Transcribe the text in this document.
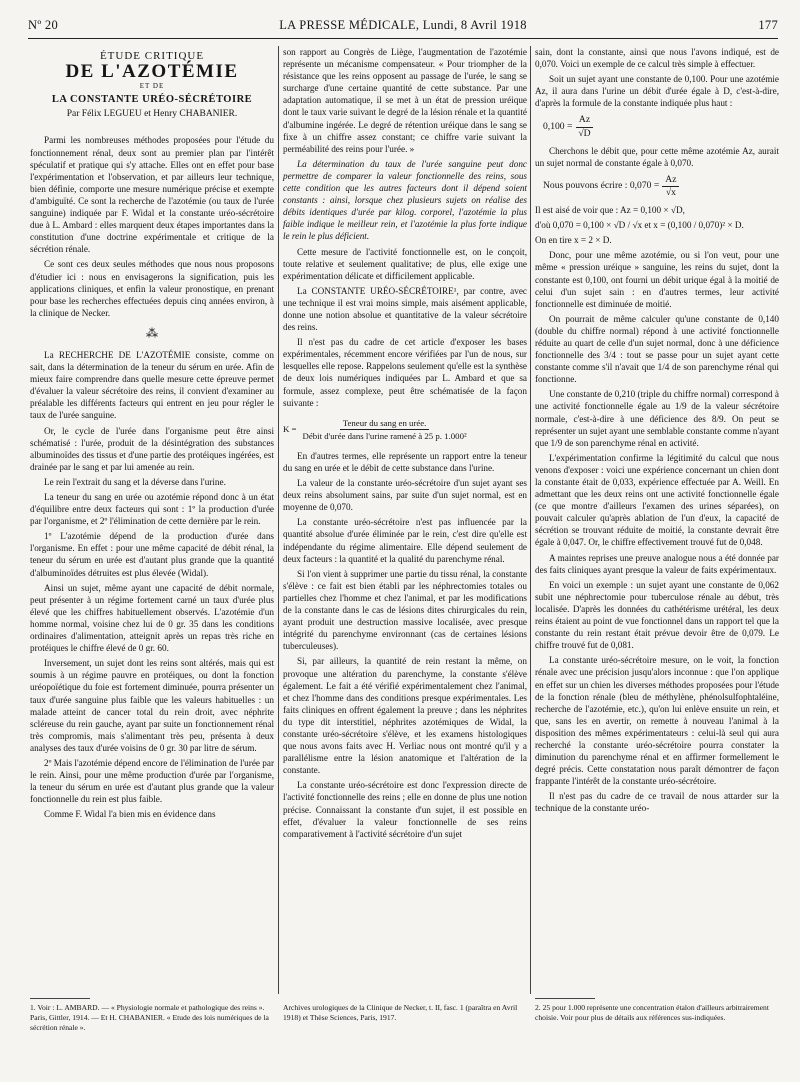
Nº 20	LA PRESSE MÉDICALE, Lundi, 8 Avril 1918	177
ÉTUDE CRITIQUE
DE L'AZOTÉMIE
ET DE
LA CONSTANTE URÉO-SÉCRÉTOIRE
Par Félix LEGUEU et Henry CHABANIER.

Parmi les nombreuses méthodes proposées pour l'étude du fonctionnement rénal, deux sont au premier plan par l'intérêt spéculatif et pratique qui s'y attache. Elles ont en effet pour base l'expérimentation et l'observation, et par ailleurs leur technique, bien définie, comporte une mesure numérique précise et exempte d'ambiguïté. Ce sont la recherche de l'azotémie (ou taux de l'urée sanguine) indiquée par F. Widal et la constante uréo-sécrétoire due à L. Ambard : elles marquent deux étapes importantes dans la constitution d'une doctrine expérimentale et critique de la sécrétion rénale.

Ce sont ces deux seules méthodes que nous nous proposons d'étudier ici : nous en envisagerons la signification, puis les applications cliniques, et enfin la valeur pronostique, en prenant pour base les recherches effectuées depuis cinq années environ, à la clinique de Necker.

⁂

La RECHERCHE DE L'AZOTÉMIE consiste, comme on sait, dans la détermination de la teneur du sérum en urée. Afin de mieux faire comprendre dans quelle mesure cette épreuve permet d'évaluer la valeur sécrétoire des reins, il convient d'examiner au préalable les différents facteurs qui entrent en jeu pour régler le taux de l'urée sanguine.

Or, le cycle de l'urée dans l'organisme peut être ainsi schématisé : l'urée, produit de la désintégration des substances albuminoïdes des tissus et d'une partie des protéiques ingérées, est drainée par le sang et par lui amenée au rein.

Le rein l'extrait du sang et la déverse dans l'urine.

La teneur du sang en urée ou azotémie répond donc à un état d'équilibre entre deux facteurs qui sont : 1º la production d'urée par l'organisme, et 2º l'élimination de cette dernière par le rein.

1º L'azotémie dépend de la production d'urée dans l'organisme. En effet : pour une même capacité de débit rénal, la teneur du sérum en urée est d'autant plus grande que la quantité d'albuminoïdes détruites est plus élevée (Widal).

Ainsi un sujet, même ayant une capacité de débit normale, peut présenter à un régime fortement carné un taux d'urée plus élevé que les chiffres habituellement observés. L'azotémie d'un homme normal, voisine chez lui de 0 gr. 35 dans les conditions ordinaires d'alimentation, atteignit après un repas très riche en protéiques le chiffre élevé de 0 gr. 60.

Inversement, un sujet dont les reins sont altérés, mais qui est soumis à un régime pauvre en protéiques, ou dont la fonction uréopoïétique du foie est fortement diminuée, pourra présenter un taux d'urée sanguine plus faible que les valeurs habituelles : un malade atteint de cancer total du rein droit, avec néphrite scléreuse du rein gauche, ayant par suite un fonctionnement rénal très compromis, mais s'alimentant très peu, présenta à deux analyses des taux d'urée voisins de 0 gr. 30 par litre de sérum.

2º Mais l'azotémie dépend encore de l'élimination de l'urée par le rein. Ainsi, pour une même production d'urée par l'organisme, la teneur du sérum en urée est d'autant plus grande que la valeur fonctionnelle du rein est plus faible.

Comme F. Widal l'a bien mis en évidence dans

son rapport au Congrès de Liège, l'augmentation de l'azotémie représente un mécanisme compensateur. « Pour triompher de la résistance que les reins opposent au passage de l'urée, le sang se surcharge d'une certaine quantité de cette substance. Par une adaptation automatique, il se met à un état de pression uréique dont le taux varie suivant le degré de la lésion rénale et la quantité d'albumine ingérée. Le degré de rétention uréique dans le sang se fixe à un chiffre assez constant; ce chiffre varie suivant la perméabilité des reins pour l'urée. »

La détermination du taux de l'urée sanguine peut donc permettre de comparer la valeur fonctionnelle des reins, sous cette condition que les autres facteurs dont il dépend soient constants : ainsi, lorsque chez plusieurs sujets on réalise des débits identiques d'urée par kilog. corporel, l'azotémie la plus faible indique le meilleur rein, et l'azotémie la plus forte indique le rein le plus déficient.

Cette mesure de l'activité fonctionnelle est, on le conçoit, toute relative et seulement qualitative; de plus, elle exige une expérimentation délicate et difficilement applicable.

La CONSTANTE URÉO-SÉCRÉTOIRE¹, par contre, avec une technique il est vrai moins simple, mais aisément applicable, donne une notion absolue et quantitative de la valeur sécrétoire des reins.

Il n'est pas du cadre de cet article d'exposer les bases expérimentales, récemment encore vérifiées par l'un de nous, sur lesquelles elle repose. Rappelons seulement qu'elle est la synthèse de deux lois numériques indiquées par L. Ambard et que sa formule, assez complexe, peut être schématisée de la façon suivante :

$K = \frac{\text{Teneur du sang en urée.}}{\text{Débit d'urée dans l'urine ramené à 25 p. 1.000²}}$

En d'autres termes, elle représente un rapport entre la teneur du sang en urée et le débit de cette substance dans l'urine.

La valeur de la constante uréo-sécrétoire d'un sujet ayant ses deux reins absolument sains, par suite d'un sujet normal, est en moyenne de 0,070.

La constante uréo-sécrétoire n'est pas influencée par la quantité absolue d'urée éliminée par le rein, c'est dire qu'elle est indépendante du régime alimentaire. Elle dépend seulement de deux facteurs : la quantité et la qualité du parenchyme rénal.

Si l'on vient à supprimer une partie du tissu rénal, la constante s'élève : ce fait est bien établi par les néphrectomies totales ou partielles chez l'homme et chez l'animal, et par les modifications de la constante dans le cas de lésions dites chirurgicales du rein, ayant produit une destruction massive localisée, avec presque intégrité du parenchyme environnant (cas de certaines lésions tuberculeuses).

Si, par ailleurs, la quantité de rein restant la même, on provoque une altération du parenchyme, la constante s'élève également. Le fait a été vérifié expérimentalement chez l'animal, et chez l'homme dans des conditions presque expérimentales. Les faits cliniques en offrent également la preuve ; dans les néphrites du type dit interstitiel, néphrites azotémiques de Widal, la constante uréo-sécrétoire s'élève, et les examens histologiques que nous avons faits avec H. Verliac nous ont montré qu'il y a parallélisme entre la lésion anatomique et l'altération de la constante.

La constante uréo-sécrétoire est donc l'expression directe de l'activité fonctionnelle des reins ; elle en donne de plus une notion précise. Connaissant la constante d'un sujet, il est possible en effet, d'évaluer la valeur fonctionnelle de ses reins comparativement à l'activité sécrétoire d'un sujet

sain, dont la constante, ainsi que nous l'avons indiqué, est de 0,070. Voici un exemple de ce calcul très simple à effectuer.

Soit un sujet ayant une constante de 0,100. Pour une azotémie Az, il aura dans l'urine un débit d'urée égale à D, c'est-à-dire, d'après la formule de la constante indiquée plus haut :

$0,100 = \frac{Az}{√D}$

Cherchons le débit que, pour cette même azotémie Az, aurait un sujet normal de constante égale à 0,070.

Nous pouvons écrire : $0,070 = \frac{Az}{√x}$

Il est aisé de voir que : Az = 0,100 × √D,

d'où 0,070 = 0,100 × √D / √x et x = (0,100 / 0,070)² × D.

On en tire x = 2 × D.

Donc, pour une même azotémie, ou si l'on veut, pour une même « pression uréique » sanguine, les reins du sujet, dont la constante est 0,100, ont fourni un débit urique égal à la moitié de celui d'un sujet sain : en d'autres termes, leur activité fonctionnelle est diminuée de moitié.

On pourrait de même calculer qu'une constante de 0,140 (double du chiffre normal) répond à une activité fonctionnelle réduite au quart de celle d'un sujet normal, donc à une déficience fonctionnelle des 3/4 : tout se passe pour un sujet ayant cette constante comme s'il n'avait que 1/4 de son parenchyme rénal qui fonctionne.

Une constante de 0,210 (triple du chiffre normal) correspond à une activité fonctionnelle égale au 1/9 de la valeur sécrétoire normale, c'est-à-dire à une déficience des 8/9. On peut se représenter un sujet ayant une semblable constante comme n'ayant que 1/9 de son parenchyme rénal en activité.

L'expérimentation confirme la légitimité du calcul que nous venons d'exposer : voici une expérience concernant un chien dont la constante était de 0,033, expérience effectuée par A. Weill. En admettant que les deux reins ont une activité fonctionnelle égale (ce que montre d'ailleurs l'examen des urines séparées), on pouvait calculer qu'après ablation de l'un d'eux, la capacité de sécrétion se trouvant réduite de moitié, la constante devrait être égale à 0,047. Or, le chiffre effectivement trouvé fut de 0,048.

A maintes reprises une preuve analogue nous a été donnée par des faits cliniques ayant presque la valeur de faits expérimentaux.

En voici un exemple : un sujet ayant une constante de 0,062 subit une néphrectomie pour tuberculose rénale au début, très localisée. D'après les données du cathétérisme urétéral, les deux reins étaient au point de vue fonctionnel dans un rapport tel que la constante du rein restant était prévue devoir être de 0,079. Le chiffre trouvé fut de 0,081.

La constante uréo-sécrétoire mesure, on le voit, la fonction rénale avec une précision jusqu'alors inconnue : que l'on applique en effet sur un chien les diverses méthodes proposées pour l'étude de la fonction rénale (bleu de méthylène, phénolsulfophtaléine, recherche de l'azotémie, etc.), qu'on lui enlève ensuite un rein, et que, sans les en avertir, on remette à nouveau l'animal à la disposition des mêmes expérimentateurs : celui-là seul qui aura recherché la constante uréo-sécrétoire pourra constater la diminution du parenchyme rénal et en affirmer formellement le degré précis. Cette constatation nous paraît démontrer de façon frappante l'intérêt de la constante uréo-sécrétoire.

Il n'est pas du cadre de ce travail de nous attarder sur la technique de la constante uréo-

1. Voir : L. AMBARD. — « Physiologie normale et pathologique des reins ». Paris, Gittler, 1914. — Et H. CHABANIER. « Etude des lois numériques de la sécrétion rénale ».
Archives urologiques de la Clinique de Necker, t. II, fasc. 1 (paraîtra en Avril 1918) et Thèse Sciences, Paris, 1917.
2. 25 pour 1.000 représente une concentration étalon d'ailleurs arbitrairement choisie. Voir pour plus de détails aux références sus-indiquées.
